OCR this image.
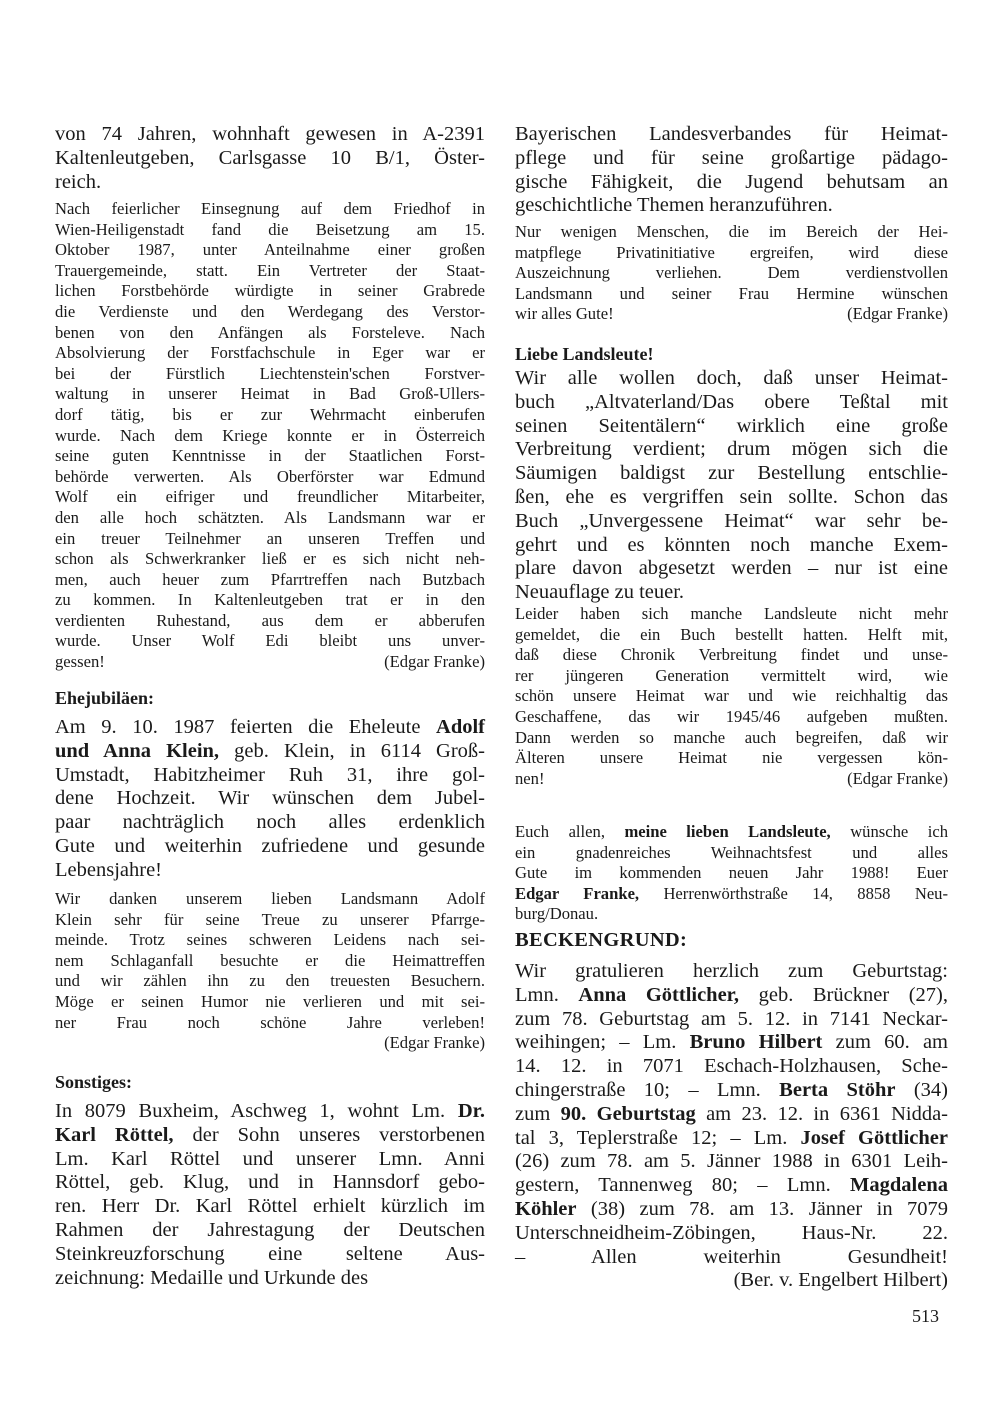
von 74 Jahren, wohnhaft gewesen in A-2391
Kaltenleutgeben, Carlsgasse 10 B/1, Öster-
reich.
Nach feierlicher Einsegnung auf dem Friedhof in
Wien-Heiligenstadt fand die Beisetzung am 15.
Oktober 1987, unter Anteilnahme einer großen
Trauergemeinde, statt. Ein Vertreter der Staat-
lichen Forstbehörde würdigte in seiner Grabrede
die Verdienste und den Werdegang des Verstor-
benen von den Anfängen als Forsteleve. Nach
Absolvierung der Forstfachschule in Eger war er
bei der Fürstlich Liechtenstein'schen Forstver-
waltung in unserer Heimat in Bad Groß-Ullers-
dorf tätig, bis er zur Wehrmacht einberufen
wurde. Nach dem Kriege konnte er in Österreich
seine guten Kenntnisse in der Staatlichen Forst-
behörde verwerten. Als Oberförster war Edmund
Wolf ein eifriger und freundlicher Mitarbeiter,
den alle hoch schätzten. Als Landsmann war er
ein treuer Teilnehmer an unseren Treffen und
schon als Schwerkranker ließ er es sich nicht neh-
men, auch heuer zum Pfarrtreffen nach Butzbach
zu kommen. In Kaltenleutgeben trat er in den
verdienten Ruhestand, aus dem er abberufen
wurde. Unser Wolf Edi bleibt uns unver-
gessen!	(Edgar Franke)
Ehejubiläen:
Am 9. 10. 1987 feierten die Eheleute Adolf
und Anna Klein, geb. Klein, in 6114 Groß-
Umstadt, Habitzheimer Ruh 31, ihre gol-
dene Hochzeit. Wir wünschen dem Jubel-
paar nachträglich noch alles erdenklich
Gute und weiterhin zufriedene und gesunde
Lebensjahre!
Wir danken unserem lieben Landsmann Adolf
Klein sehr für seine Treue zu unserer Pfarrge-
meinde. Trotz seines schweren Leidens nach sei-
nem Schlaganfall besuchte er die Heimattreffen
und wir zählen ihn zu den treuesten Besuchern.
Möge er seinen Humor nie verlieren und mit sei-
ner Frau noch schöne Jahre verleben!
(Edgar Franke)
Sonstiges:
In 8079 Buxheim, Aschweg 1, wohnt Lm. Dr.
Karl Röttel, der Sohn unseres verstorbenen
Lm. Karl Röttel und unserer Lmn. Anni
Röttel, geb. Klug, und in Hannsdorf gebo-
ren. Herr Dr. Karl Röttel erhielt kürzlich im
Rahmen der Jahrestagung der Deutschen
Steinkreuzforschung eine seltene Aus-
zeichnung: Medaille und Urkunde des
Bayerischen Landesverbandes für Heimat-
pflege und für seine großartige pädago-
gische Fähigkeit, die Jugend behutsam an
geschichtliche Themen heranzuführen.
Nur wenigen Menschen, die im Bereich der Hei-
matpflege Privatinitiative ergreifen, wird diese
Auszeichnung verliehen. Dem verdienstvollen
Landsmann und seiner Frau Hermine wünschen
wir alles Gute!	(Edgar Franke)
Liebe Landsleute!
Wir alle wollen doch, daß unser Heimat-
buch „Altvaterland/Das obere Teßtal mit
seinen Seitentälern“ wirklich eine große
Verbreitung verdient; drum mögen sich die
Säumigen baldigst zur Bestellung entschlie-
ßen, ehe es vergriffen sein sollte. Schon das
Buch „Unvergessene Heimat“ war sehr be-
gehrt und es könnten noch manche Exem-
plare davon abgesetzt werden – nur ist eine
Neuauflage zu teuer.
Leider haben sich manche Landsleute nicht mehr
gemeldet, die ein Buch bestellt hatten. Helft mit,
daß diese Chronik Verbreitung findet und unse-
rer jüngeren Generation vermittelt wird, wie
schön unsere Heimat war und wie reichhaltig das
Geschaffene, das wir 1945/46 aufgeben mußten.
Dann werden so manche auch begreifen, daß wir
Älteren unsere Heimat nie vergessen kön-
nen!	(Edgar Franke)
Euch allen, meine lieben Landsleute, wünsche ich
ein gnadenreiches Weihnachtsfest und alles
Gute im kommenden neuen Jahr 1988! Euer
Edgar Franke, Herrenwörthstraße 14, 8858 Neu-
burg/Donau.
BECKENGRUND:
Wir gratulieren herzlich zum Geburtstag:
Lmn. Anna Göttlicher, geb. Brückner (27),
zum 78. Geburtstag am 5. 12. in 7141 Neckar-
weihingen; – Lm. Bruno Hilbert zum 60. am
14. 12. in 7071 Eschach-Holzhausen, Sche-
chingerstraße 10; – Lmn. Berta Stöhr (34)
zum 90. Geburtstag am 23. 12. in 6361 Nidda-
tal 3, Teplerstraße 12; – Lm. Josef Göttlicher
(26) zum 78. am 5. Jänner 1988 in 6301 Leih-
gestern, Tannenweg 80; – Lmn. Magdalena
Köhler (38) zum 78. am 13. Jänner in 7079
Unterschneidheim-Zöbingen, Haus-Nr. 22.
– Allen weiterhin Gesundheit!
(Ber. v. Engelbert Hilbert)
513
